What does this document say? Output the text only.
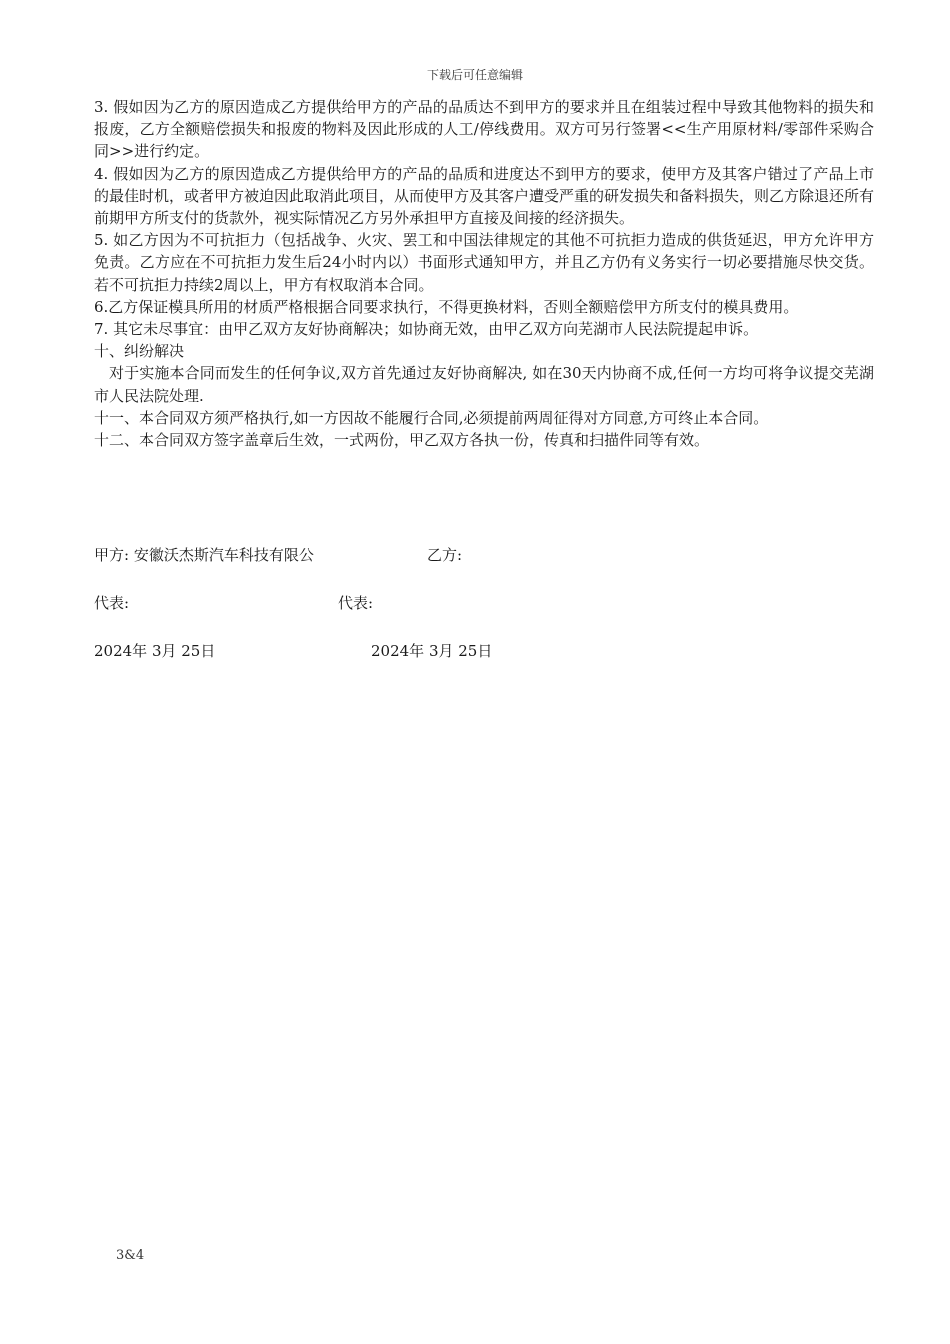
下载后可任意编辑

3. 假如因为乙方的原因造成乙方提供给甲方的产品的品质达不到甲方的要求并且在组装过程中导致其他物料的损失和报废，乙方全额赔偿损失和报废的物料及因此形成的人工/停线费用。双方可另行签署<<生产用原材料/零部件采购合同>>进行约定。

4. 假如因为乙方的原因造成乙方提供给甲方的产品的品质和进度达不到甲方的要求，使甲方及其客户错过了产品上市的最佳时机，或者甲方被迫因此取消此项目，从而使甲方及其客户遭受严重的研发损失和备料损失，则乙方除退还所有前期甲方所支付的货款外，视实际情况乙方另外承担甲方直接及间接的经济损失。

5. 如乙方因为不可抗拒力（包括战争、火灾、罢工和中国法律规定的其他不可抗拒力造成的供货延迟，甲方允许甲方免责。乙方应在不可抗拒力发生后24小时内以）书面形式通知甲方，并且乙方仍有义务实行一切必要措施尽快交货。若不可抗拒力持续2周以上，甲方有权取消本合同。

6.乙方保证模具所用的材质严格根据合同要求执行，不得更换材料，否则全额赔偿甲方所支付的模具费用。

7. 其它未尽事宜：由甲乙双方友好协商解决；如协商无效，由甲乙双方向芜湖市人民法院提起申诉。

十、纠纷解决

对于实施本合同而发生的任何争议,双方首先通过友好协商解决, 如在30天内协商不成,任何一方均可将争议提交芜湖市人民法院处理.

十一、本合同双方须严格执行,如一方因故不能履行合同,必须提前两周征得对方同意,方可终止本合同。

十二、本合同双方签字盖章后生效，一式两份，甲乙双方各执一份，传真和扫描件同等有效。

甲方: 安徽沃杰斯汽车科技有限公	乙方:
代表:	代表:
2024年 3月 25日	2024年 3月 25日
3&4
